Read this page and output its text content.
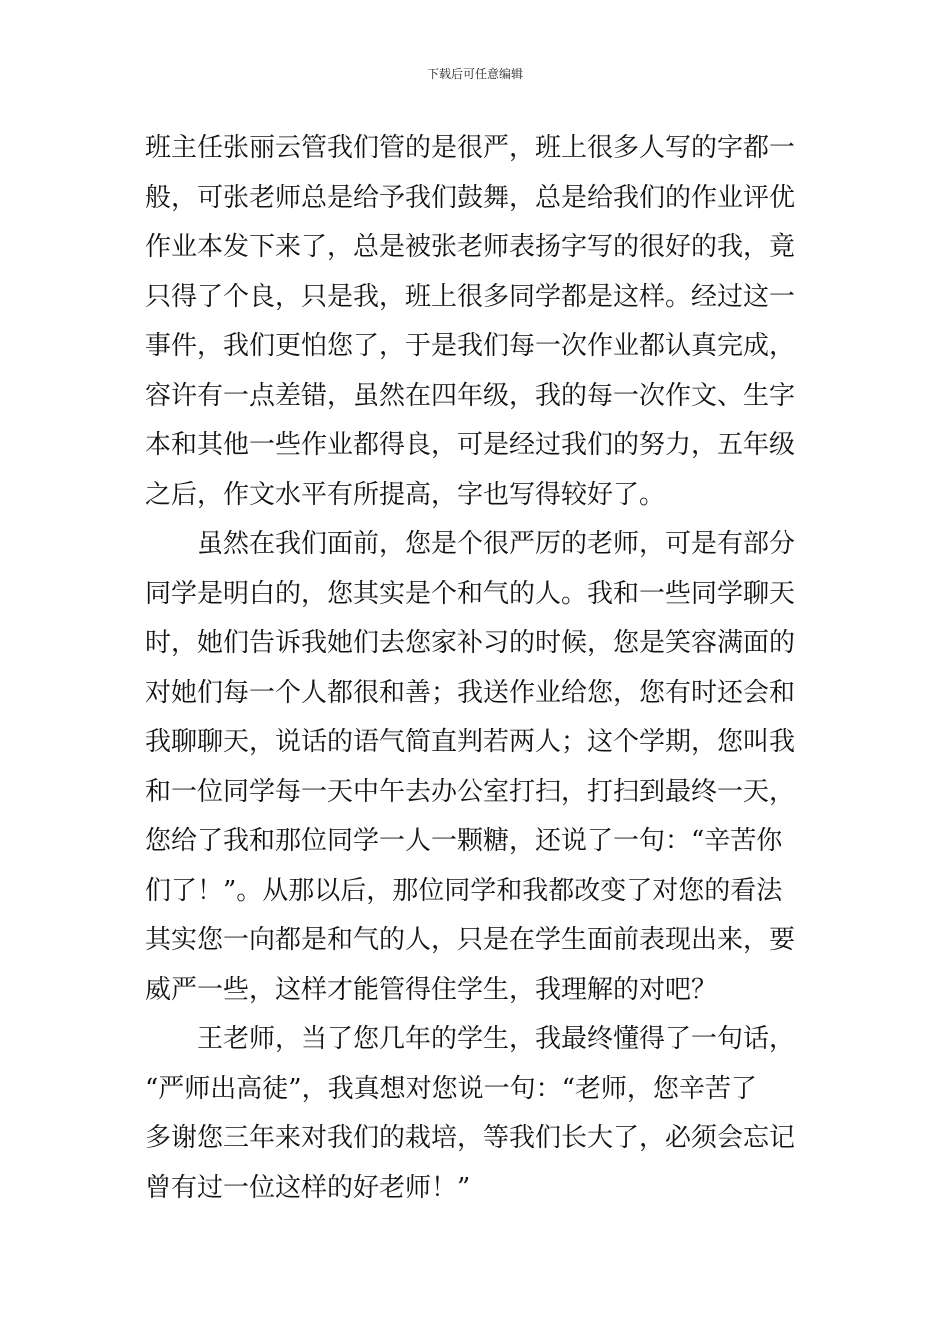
下载后可任意编辑
班主任张丽云管我们管的是很严，班上很多人写的字都一
般，可张老师总是给予我们鼓舞，总是给我们的作业评优
作业本发下来了，总是被张老师表扬字写的很好的我，竟
只得了个良，只是我，班上很多同学都是这样。经过这一
事件，我们更怕您了，于是我们每一次作业都认真完成，
容许有一点差错，虽然在四年级，我的每一次作文、生字
本和其他一些作业都得良，可是经过我们的努力，五年级
之后，作文水平有所提高，字也写得较好了。
　　虽然在我们面前，您是个很严厉的老师，可是有部分
同学是明白的，您其实是个和气的人。我和一些同学聊天
时，她们告诉我她们去您家补习的时候，您是笑容满面的
对她们每一个人都很和善；我送作业给您，您有时还会和
我聊聊天，说话的语气简直判若两人；这个学期，您叫我
和一位同学每一天中午去办公室打扫，打扫到最终一天，
您给了我和那位同学一人一颗糖，还说了一句：“辛苦你
们了！”。从那以后，那位同学和我都改变了对您的看法
其实您一向都是和气的人，只是在学生面前表现出来，要
威严一些，这样才能管得住学生，我理解的对吧？
　　王老师，当了您几年的学生，我最终懂得了一句话，
“严师出高徒”，我真想对您说一句：“老师，您辛苦了
多谢您三年来对我们的栽培，等我们长大了，必须会忘记
曾有过一位这样的好老师！”
